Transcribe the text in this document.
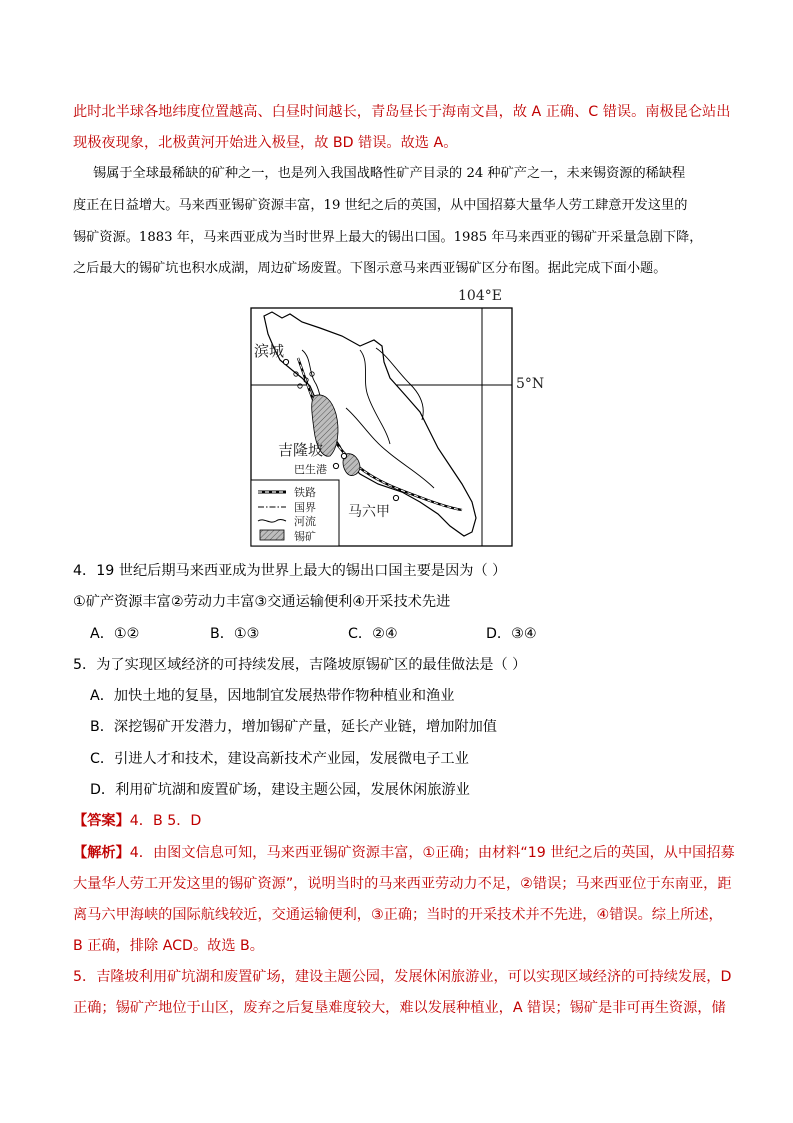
此时北半球各地纬度位置越高、白昼时间越长，青岛昼长于海南文昌，故 A 正确、C 错误。南极昆仑站出
现极夜现象，北极黄河开始进入极昼，故 BD 错误。故选 A。
锡属于全球最稀缺的矿种之一，也是列入我国战略性矿产目录的 24 种矿产之一，未来锡资源的稀缺程
度正在日益增大。马来西亚锡矿资源丰富，19 世纪之后的英国，从中国招募大量华人劳工肆意开发这里的
锡矿资源。1883 年，马来西亚成为当时世界上最大的锡出口国。1985 年马来西亚的锡矿开采量急剧下降，
之后最大的锡矿坑也积水成湖，周边矿场废置。下图示意马来西亚锡矿区分布图。据此完成下面小题。
104°E
5°N
滨城
吉隆坡
巴生港
马六甲
铁路
国界
河流
锡矿
4．19 世纪后期马来西亚成为世界上最大的锡出口国主要是因为（ ）
①矿产资源丰富②劳动力丰富③交通运输便利④开采技术先进
A．①②	B．①③	C．②④	D．③④
5．为了实现区域经济的可持续发展，吉隆坡原锡矿区的最佳做法是（ ）
A．加快土地的复垦，因地制宜发展热带作物种植业和渔业
B．深挖锡矿开发潜力，增加锡矿产量，延长产业链，增加附加值
C．引进人才和技术，建设高新技术产业园，发展微电子工业
D．利用矿坑湖和废置矿场，建设主题公园，发展休闲旅游业
【答案】4．B 5．D
【解析】4．由图文信息可知，马来西亚锡矿资源丰富，①正确；由材料“19 世纪之后的英国，从中国招募
大量华人劳工开发这里的锡矿资源”，说明当时的马来西亚劳动力不足，②错误；马来西亚位于东南亚，距
离马六甲海峡的国际航线较近，交通运输便利，③正确；当时的开采技术并不先进，④错误。综上所述，
B 正确，排除 ACD。故选 B。
5．吉隆坡利用矿坑湖和废置矿场，建设主题公园，发展休闲旅游业，可以实现区域经济的可持续发展，D
正确；锡矿产地位于山区，废弃之后复垦难度较大，难以发展种植业，A 错误；锡矿是非可再生资源，储
